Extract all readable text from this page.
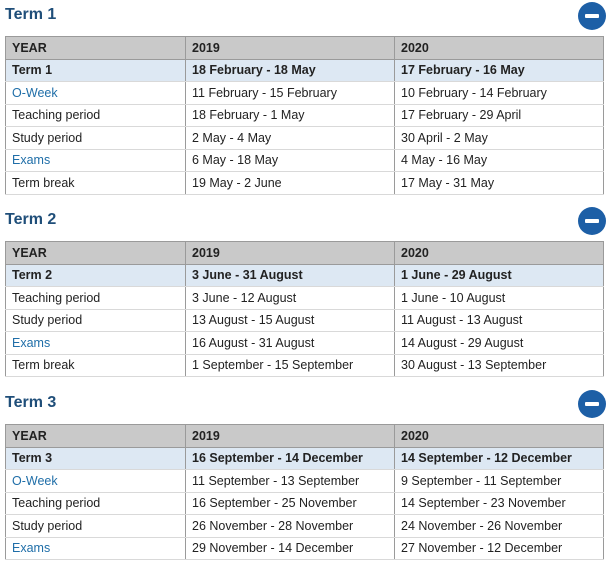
Term 1
YEAR	2019	2020
Term 1	18 February - 18 May	17 February - 16 May
O-Week	11 February - 15 February	10 February - 14 February
Teaching period	18 February - 1 May	17 February - 29 April
Study period	2 May - 4 May	30 April - 2 May
Exams	6 May - 18 May	4 May - 16 May
Term break	19 May - 2 June	17 May - 31 May
Term 2
YEAR	2019	2020
Term 2	3 June - 31 August	1 June - 29 August
Teaching period	3 June - 12 August	1 June - 10 August
Study period	13 August - 15 August	11 August - 13 August
Exams	16 August - 31 August	14 August - 29 August
Term break	1 September - 15 September	30 August - 13 September
Term 3
YEAR	2019	2020
Term 3	16 September - 14 December	14 September - 12 December
O-Week	11 September - 13 September	9 September - 11 September
Teaching period	16 September - 25 November	14 September - 23 November
Study period	26 November - 28 November	24 November - 26 November
Exams	29 November - 14 December	27 November - 12 December
